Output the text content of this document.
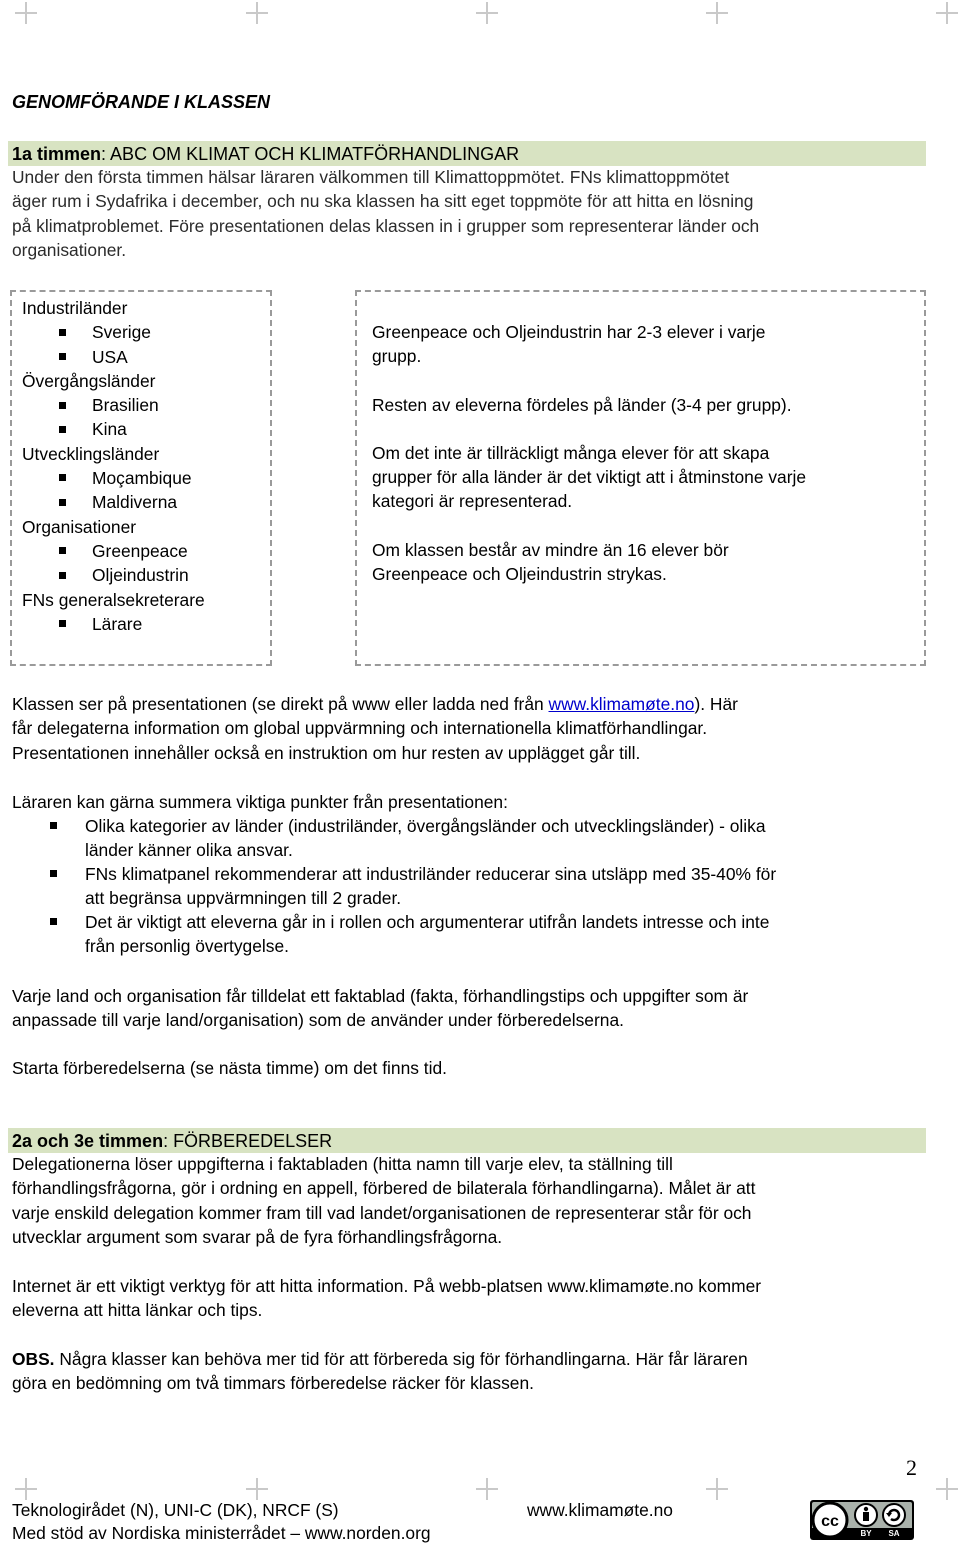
GENOMFÖRANDE I KLASSEN
1a timmen: ABC OM KLIMAT OCH KLIMATFÖRHANDLINGAR
Under den första timmen hälsar läraren välkommen till Klimattoppmötet. FNs klimattoppmötet
äger rum i Sydafrika i december, och nu ska klassen ha sitt eget toppmöte för att hitta en lösning
på klimatproblemet. Före presentationen delas klassen in i grupper som representerar länder och
organisationer.
Industriländer
Sverige
USA
Övergångsländer
Brasilien
Kina
Utvecklingsländer
Moçambique
Maldiverna
Organisationer
Greenpeace
Oljeindustrin
FNs generalsekreterare
Lärare
Greenpeace och Oljeindustrin har 2-3 elever i varje
grupp.
Resten av eleverna fördeles på länder (3-4 per grupp).
Om det inte är tillräckligt många elever för att skapa
grupper för alla länder är det viktigt att i åtminstone varje
kategori är representerad.
Om klassen består av mindre än 16 elever bör
Greenpeace och Oljeindustrin strykas.
Klassen ser på presentationen (se direkt på www eller ladda ned från www.klimamøte.no). Här
får delegaterna information om global uppvärmning och internationella klimatförhandlingar.
Presentationen innehåller också en instruktion om hur resten av upplägget går till.
Läraren kan gärna summera viktiga punkter från presentationen:
Olika kategorier av länder (industriländer, övergångsländer och utvecklingsländer) - olika
länder känner olika ansvar.
FNs klimatpanel rekommenderar att industriländer reducerar sina utsläpp med 35-40% för
att begränsa uppvärmningen till 2 grader.
Det är viktigt att eleverna går in i rollen och argumenterar utifrån landets intresse och inte
från personlig övertygelse.
Varje land och organisation får tilldelat ett faktablad (fakta, förhandlingstips och uppgifter som är
anpassade till varje land/organisation) som de använder under förberedelserna.
Starta förberedelserna (se nästa timme) om det finns tid.
2a och 3e timmen: FÖRBEREDELSER
Delegationerna löser uppgifterna i faktabladen (hitta namn till varje elev, ta ställning till
förhandlingsfrågorna, gör i ordning en appell, förbered de bilaterala förhandlingarna). Målet är att
varje enskild delegation kommer fram till vad landet/organisationen de representerar står för och
utvecklar argument som svarar på de fyra förhandlingsfrågorna.
Internet är ett viktigt verktyg för att hitta information. På webb-platsen www.klimamøte.no kommer
eleverna att hitta länkar och tips.
OBS. Några klasser kan behöva mer tid för att förbereda sig för förhandlingarna. Här får läraren
göra en bedömning om två timmars förberedelse räcker för klassen.
2
Teknologirådet (N), UNI-C (DK), NRCF (S)	www.klimamøte.no
Med stöd av Nordiska ministerrådet – www.norden.org
cc
BY SA
